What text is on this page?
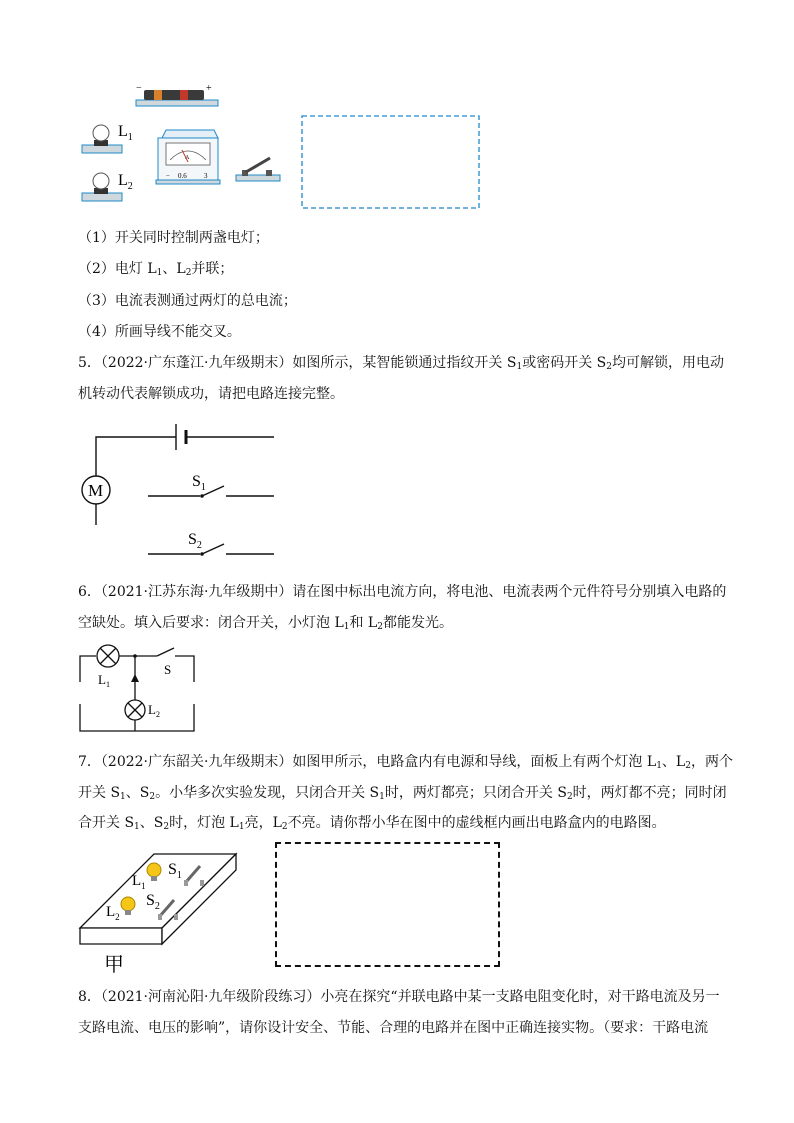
−	+
$L_1$
$L_2$
A
− 0.6 3
（1）开关同时控制两盏电灯；
（2）电灯 $L_1$、$L_2$并联；
（3）电流表测通过两灯的总电流；
（4）所画导线不能交叉。
5．（2022·广东蓬江·九年级期末）如图所示，某智能锁通过指纹开关 $S_1$或密码开关 $S_2$均可解锁，用电动
机转动代表解锁成功，请把电路连接完整。
M	$S_1$
$S_2$
6．（2021·江苏东海·九年级期中）请在图中标出电流方向，将电池、电流表两个元件符号分别填入电路的
空缺处。填入后要求：闭合开关，小灯泡 $L_1$和 $L_2$都能发光。
$L_1$
S
$L_2$
7．（2022·广东韶关·九年级期末）如图甲所示，电路盒内有电源和导线，面板上有两个灯泡 $L_1$、$L_2$，两个
开关 $S_1$、$S_2$。小华多次实验发现，只闭合开关 $S_1$时，两灯都亮；只闭合开关 $S_2$时，两灯都不亮；同时闭
合开关 $S_1$、$S_2$时，灯泡 $L_1$亮，$L_2$不亮。请你帮小华在图中的虚线框内画出电路盒内的电路图。
$L_1$
$S_1$
$L_2$
$S_2$
甲
8．（2021·河南沁阳·九年级阶段练习）小亮在探究“并联电路中某一支路电阻变化时，对干路电流及另一
支路电流、电压的影响”，请你设计安全、节能、合理的电路并在图中正确连接实物。（要求：干路电流
